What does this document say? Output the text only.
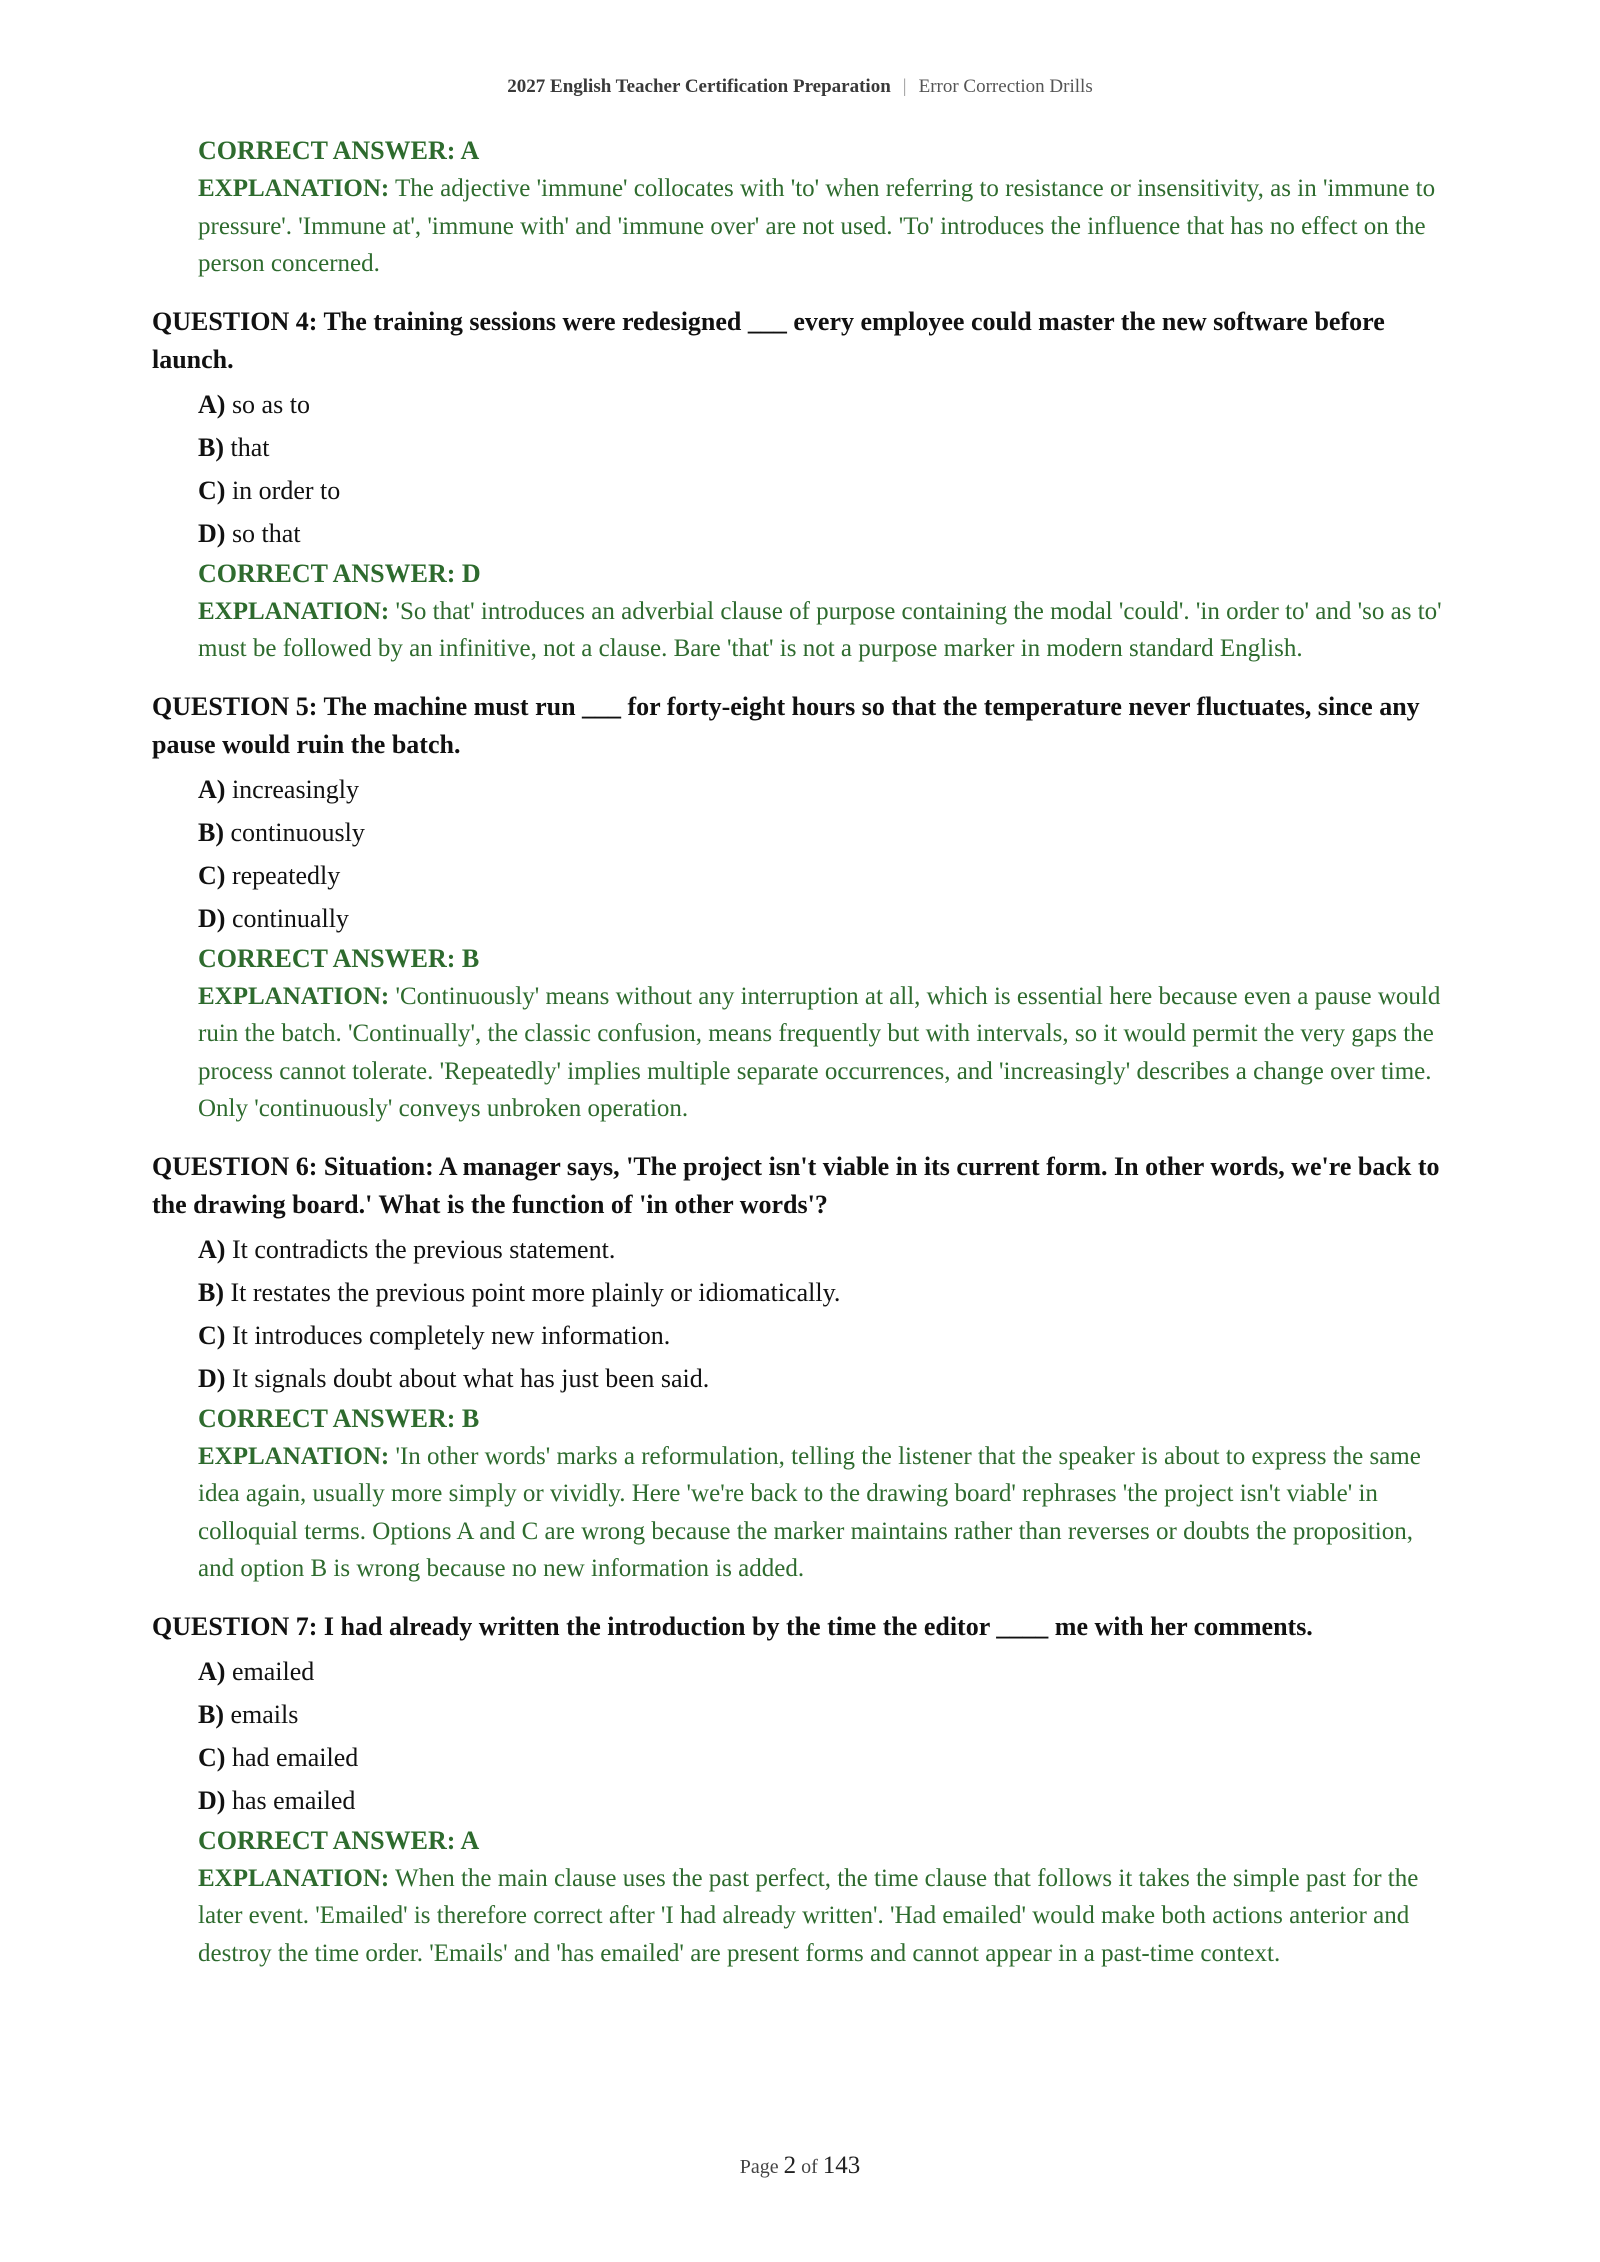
2027 English Teacher Certification Preparation | Error Correction Drills

CORRECT ANSWER: A

EXPLANATION: The adjective 'immune' collocates with 'to' when referring to resistance or insensitivity, as in 'immune to pressure'. 'Immune at', 'immune with' and 'immune over' are not used. 'To' introduces the influence that has no effect on the person concerned.

QUESTION 4: The training sessions were redesigned ___ every employee could master the new software before launch.

A) so as to

B) that

C) in order to

D) so that

CORRECT ANSWER: D

EXPLANATION: 'So that' introduces an adverbial clause of purpose containing the modal 'could'. 'in order to' and 'so as to' must be followed by an infinitive, not a clause. Bare 'that' is not a purpose marker in modern standard English.

QUESTION 5: The machine must run ___ for forty-eight hours so that the temperature never fluctuates, since any pause would ruin the batch.

A) increasingly

B) continuously

C) repeatedly

D) continually

CORRECT ANSWER: B

EXPLANATION: 'Continuously' means without any interruption at all, which is essential here because even a pause would ruin the batch. 'Continually', the classic confusion, means frequently but with intervals, so it would permit the very gaps the process cannot tolerate. 'Repeatedly' implies multiple separate occurrences, and 'increasingly' describes a change over time. Only 'continuously' conveys unbroken operation.

QUESTION 6: Situation: A manager says, 'The project isn't viable in its current form. In other words, we're back to the drawing board.' What is the function of 'in other words'?

A) It contradicts the previous statement.

B) It restates the previous point more plainly or idiomatically.

C) It introduces completely new information.

D) It signals doubt about what has just been said.

CORRECT ANSWER: B

EXPLANATION: 'In other words' marks a reformulation, telling the listener that the speaker is about to express the same idea again, usually more simply or vividly. Here 'we're back to the drawing board' rephrases 'the project isn't viable' in colloquial terms. Options A and C are wrong because the marker maintains rather than reverses or doubts the proposition, and option B is wrong because no new information is added.

QUESTION 7: I had already written the introduction by the time the editor ____ me with her comments.

A) emailed

B) emails

C) had emailed

D) has emailed

CORRECT ANSWER: A

EXPLANATION: When the main clause uses the past perfect, the time clause that follows it takes the simple past for the later event. 'Emailed' is therefore correct after 'I had already written'. 'Had emailed' would make both actions anterior and destroy the time order. 'Emails' and 'has emailed' are present forms and cannot appear in a past-time context.

Page 2 of 143
